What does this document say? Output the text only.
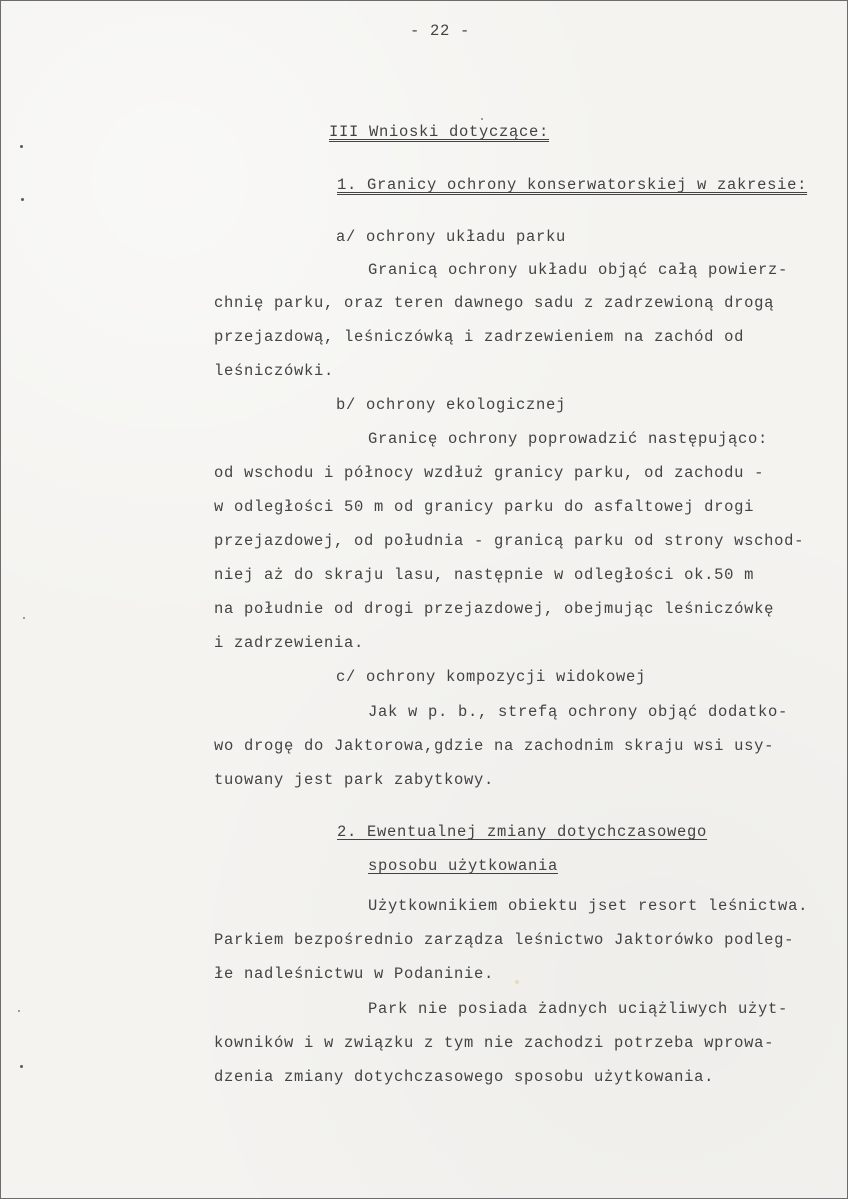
- 22 -
III Wnioski dotyczące:
1. Granicy ochrony konserwatorskiej w zakresie:
a/ ochrony układu parku
Granicą ochrony układu objąć całą powierz-
chnię parku, oraz teren dawnego sadu z zadrzewioną drogą
przejazdową, leśniczówką i zadrzewieniem na zachód od
leśniczówki.
b/ ochrony ekologicznej
Granicę ochrony poprowadzić następująco:
od wschodu i północy wzdłuż granicy parku, od zachodu -
w odległości 50 m od granicy parku do asfaltowej drogi
przejazdowej, od południa - granicą parku od strony wschod-
niej aż do skraju lasu, następnie w odległości ok.50 m
na południe od drogi przejazdowej, obejmując leśniczówkę
i zadrzewienia.
c/ ochrony kompozycji widokowej
Jak w p. b., strefą ochrony objąć dodatko-
wo drogę do Jaktorowa,gdzie na zachodnim skraju wsi usy-
tuowany jest park zabytkowy.
2. Ewentualnej zmiany dotychczasowego
sposobu użytkowania
Użytkownikiem obiektu jset resort leśnictwa.
Parkiem bezpośrednio zarządza leśnictwo Jaktorówko podleg-
łe nadleśnictwu w Podaninie.
Park nie posiada żadnych uciążliwych użyt-
kowników i w związku z tym nie zachodzi potrzeba wprowa-
dzenia zmiany dotychczasowego sposobu użytkowania.
